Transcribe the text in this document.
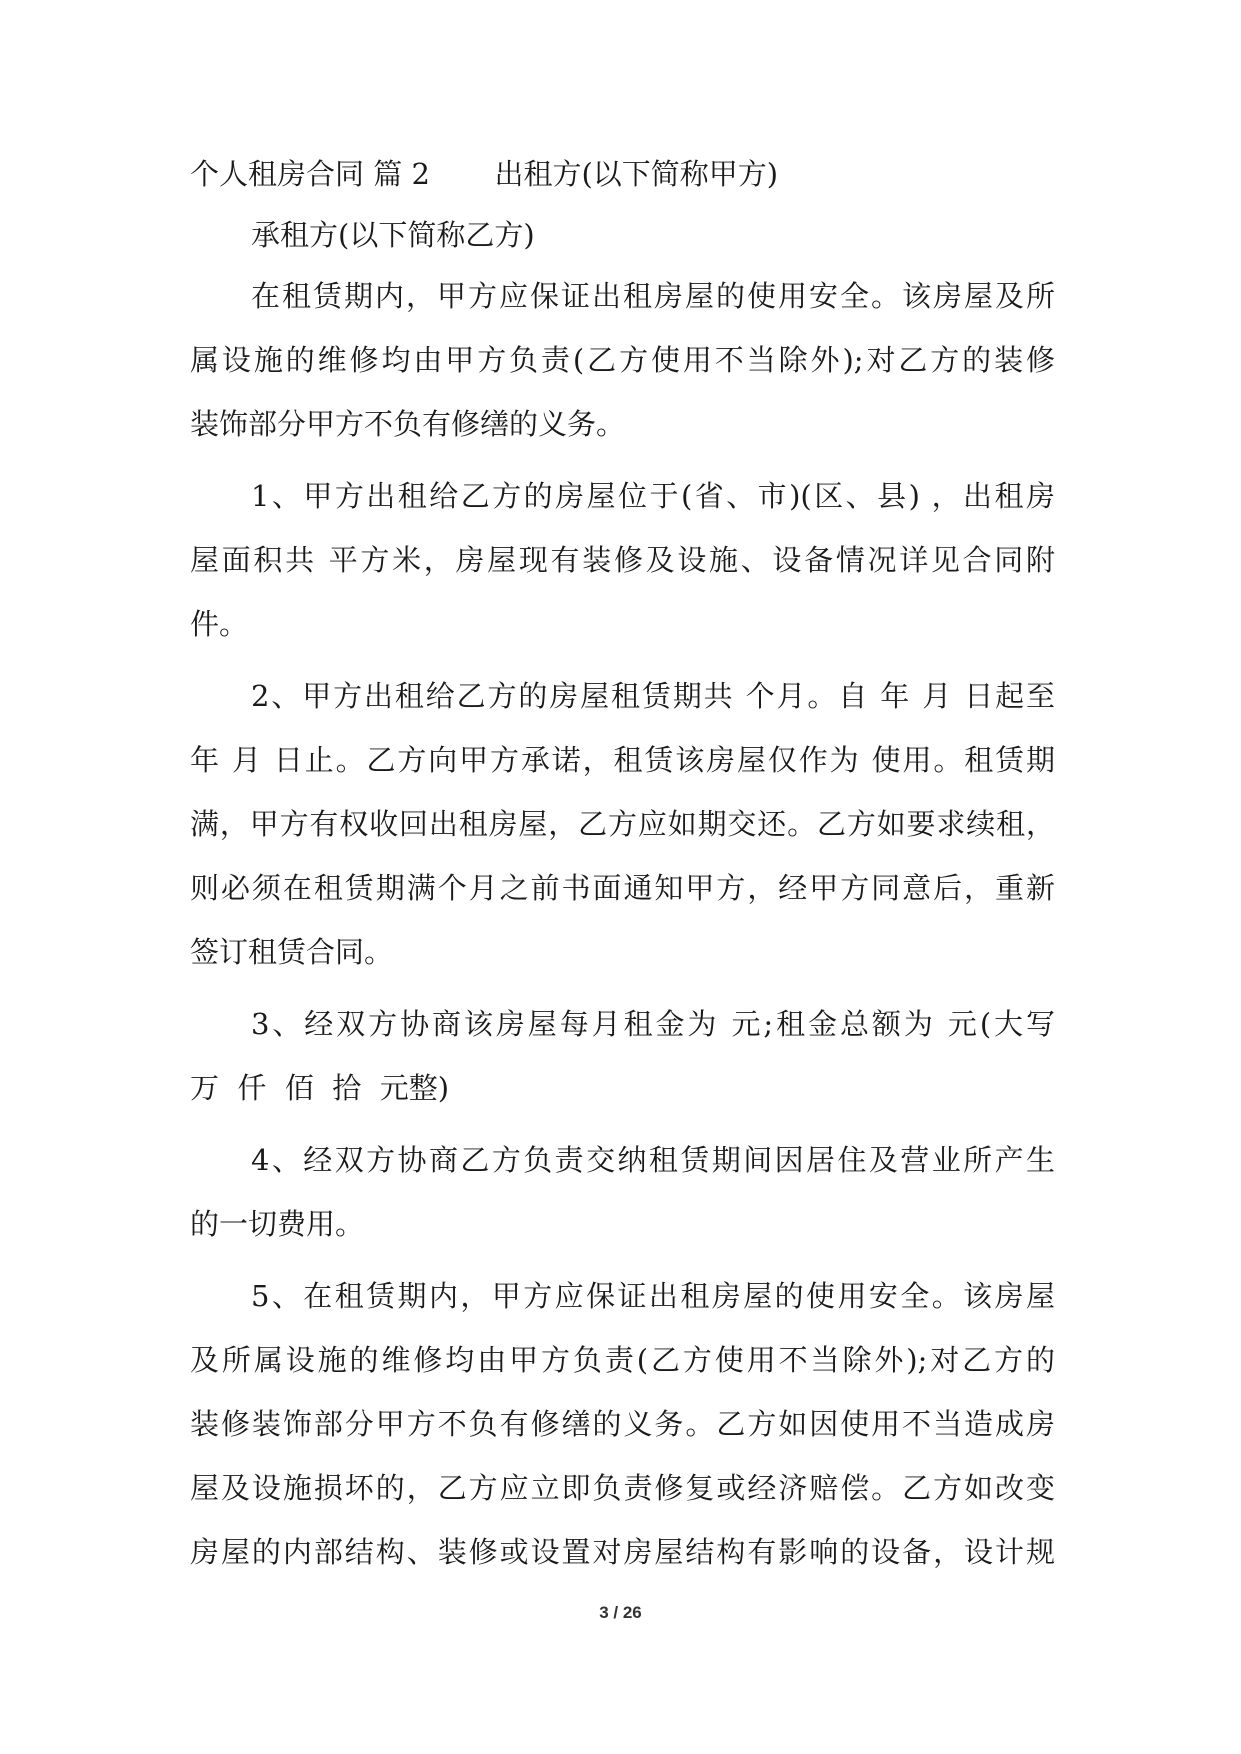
个人租房合同 篇 2 出租方(以下简称甲方)
承租方(以下简称乙方)
在租赁期内，甲方应保证出租房屋的使用安全。该房屋及所
属设施的维修均由甲方负责(乙方使用不当除外);对乙方的装修
装饰部分甲方不负有修缮的义务。
1、甲方出租给乙方的房屋位于(省、市)(区、县) ，出租房
屋面积共 平方米，房屋现有装修及设施、设备情况详见合同附
件。
2、甲方出租给乙方的房屋租赁期共 个月。自 年 月 日起至
年 月 日止。乙方向甲方承诺，租赁该房屋仅作为 使用。租赁期
满，甲方有权收回出租房屋，乙方应如期交还。乙方如要求续租，
则必须在租赁期满个月之前书面通知甲方，经甲方同意后，重新
签订租赁合同。
3、经双方协商该房屋每月租金为 元;租金总额为 元(大写
万  仟  佰  拾  元整)
4、经双方协商乙方负责交纳租赁期间因居住及营业所产生
的一切费用。
5、在租赁期内，甲方应保证出租房屋的使用安全。该房屋
及所属设施的维修均由甲方负责(乙方使用不当除外);对乙方的
装修装饰部分甲方不负有修缮的义务。乙方如因使用不当造成房
屋及设施损坏的，乙方应立即负责修复或经济赔偿。乙方如改变
房屋的内部结构、装修或设置对房屋结构有影响的设备，设计规
3 / 26
